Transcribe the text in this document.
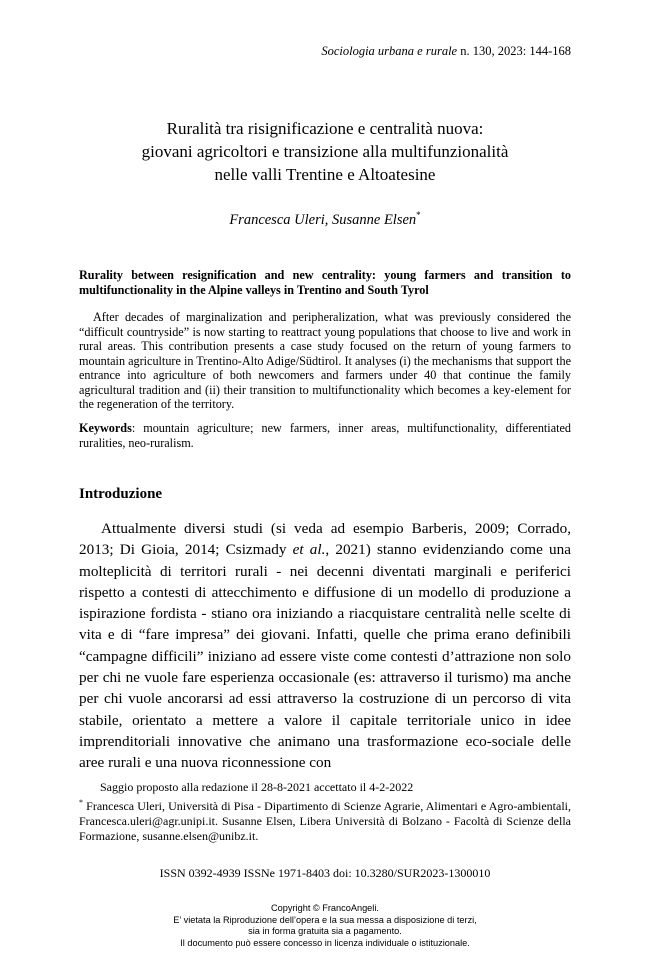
Sociologia urbana e rurale n. 130, 2023: 144-168
Ruralità tra risignificazione e centralità nuova:
giovani agricoltori e transizione alla multifunzionalità
nelle valli Trentine e Altoatesine
Francesca Uleri, Susanne Elsen*
Rurality between resignification and new centrality: young farmers and transition to multifunctionality in the Alpine valleys in Trentino and South Tyrol

After decades of marginalization and peripheralization, what was previously considered the “difficult countryside” is now starting to reattract young populations that choose to live and work in rural areas. This contribution presents a case study focused on the return of young farmers to mountain agriculture in Trentino-Alto Adige/Südtirol. It analyses (i) the mechanisms that support the entrance into agriculture of both newcomers and farmers under 40 that continue the family agricultural tradition and (ii) their transition to multifunctionality which becomes a key-element for the regeneration of the territory.

Keywords: mountain agriculture; new farmers, inner areas, multifunctionality, differentiated ruralities, neo-ruralism.

Introduzione

Attualmente diversi studi (si veda ad esempio Barberis, 2009; Corrado, 2013; Di Gioia, 2014; Csizmady et al., 2021) stanno evidenziando come una molteplicità di territori rurali - nei decenni diventati marginali e periferici rispetto a contesti di attecchimento e diffusione di un modello di produzione a ispirazione fordista - stiano ora iniziando a riacquistare centralità nelle scelte di vita e di “fare impresa” dei giovani. Infatti, quelle che prima erano definibili “campagne difficili” iniziano ad essere viste come contesti d’attrazione non solo per chi ne vuole fare esperienza occasionale (es: attraverso il turismo) ma anche per chi vuole ancorarsi ad essi attraverso la costruzione di un percorso di vita stabile, orientato a mettere a valore il capitale territoriale unico in idee imprenditoriali innovative che animano una trasformazione eco-sociale delle aree rurali e una nuova riconnessione con

Saggio proposto alla redazione il 28-8-2021 accettato il 4-2-2022
* Francesca Uleri, Università di Pisa - Dipartimento di Scienze Agrarie, Alimentari e Agro-ambientali, Francesca.uleri@agr.unipi.it. Susanne Elsen, Libera Università di Bolzano - Facoltà di Scienze della Formazione, susanne.elsen@unibz.it.
ISSN 0392-4939 ISSNe 1971-8403 doi: 10.3280/SUR2023-1300010
Copyright © FrancoAngeli.
E’ vietata la Riproduzione dell’opera e la sua messa a disposizione di terzi,
sia in forma gratuita sia a pagamento.
Il documento può essere concesso in licenza individuale o istituzionale.
